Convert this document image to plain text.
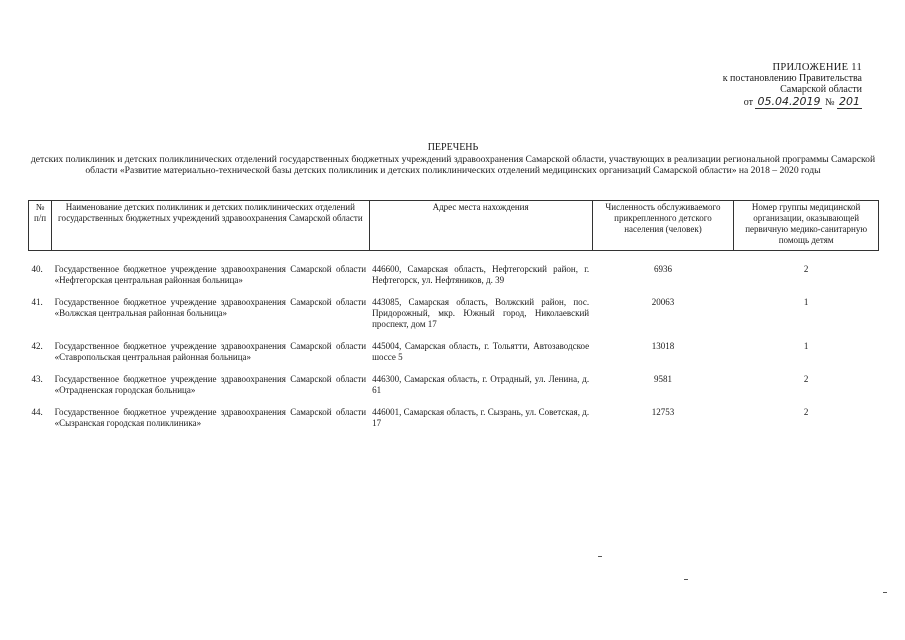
ПРИЛОЖЕНИЕ 11
к постановлению Правительства
Самарской области
от 05.04.2019 № 201
ПЕРЕЧЕНЬ
детских поликлиник и детских поликлинических отделений государственных бюджетных учреждений здравоохранения Самарской области, участвующих в реализации региональной программы Самарской области «Развитие материально-технической базы детских поликлиник и детских поликлинических отделений медицинских организаций Самарской области» на 2018 – 2020 годы
№ п/п	Наименование детских поликлиник и детских поликлинических отделений государственных бюджетных учреждений здравоохранения Самарской области	Адрес места нахождения	Численность обслуживаемого прикрепленного детского населения (человек)	Номер группы медицинской организации, оказывающей первичную медико-санитарную помощь детям

40.	Государственное бюджетное учреждение здравоохранения Самарской области «Нефтегорская центральная районная больница»	446600, Самарская область, Нефтегорский район, г. Нефтегорск, ул. Нефтяников, д. 39	6936	2
41.	Государственное бюджетное учреждение здравоохранения Самарской области «Волжская центральная районная больница»	443085, Самарская область, Волжский район, пос. Придорожный, мкр. Южный город, Николаевский проспект, дом 17	20063	1
42.	Государственное бюджетное учреждение здравоохранения Самарской области «Ставропольская центральная районная больница»	445004, Самарская область, г. Тольятти, Автозаводское шоссе 5	13018	1
43.	Государственное бюджетное учреждение здравоохранения Самарской области «Отрадненская городская больница»	446300, Самарская область, г. Отрадный, ул. Ленина, д. 61	9581	2
44.	Государственное бюджетное учреждение здравоохранения Самарской области «Сызранская городская поликлиника»	446001, Самарская область, г. Сызрань, ул. Советская, д. 17	12753	2
